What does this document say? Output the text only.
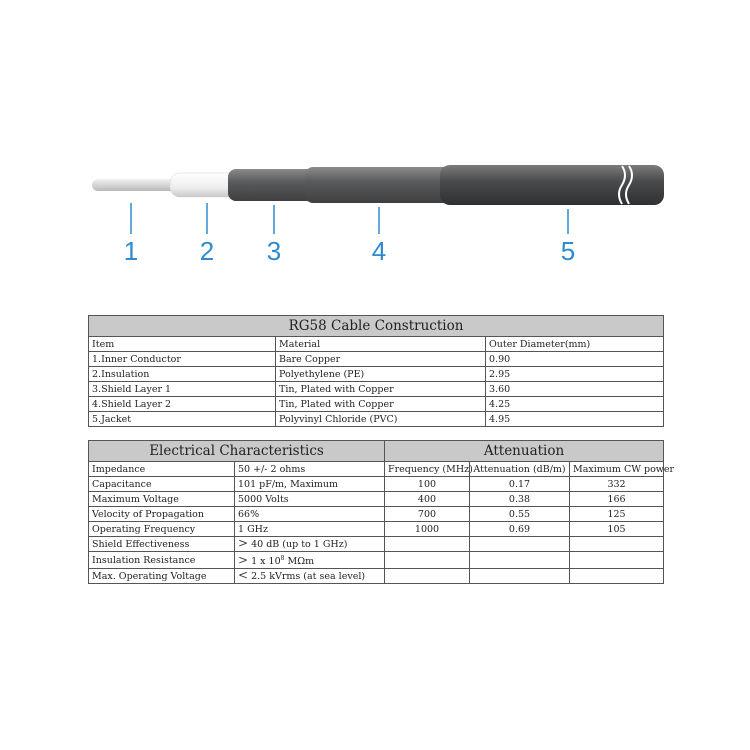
1 2 3	4	5
RG58 Cable Construction		
Item	Material	Outer Diameter(mm)
1.Inner Conductor	Bare Copper	0.90
2.Insulation	Polyethylene (PE)	2.95
3.Shield Layer 1	Tin, Plated with Copper	3.60
4.Shield Layer 2	Tin, Plated with Copper	4.25
5.Jacket	Polyvinyl Chloride (PVC)	4.95
Electrical Characteristics		Attenuation		

Impedance	50 +/- 2 ohms	Frequency (MHz)	Attenuation (dB/m)	Maximum CW power
Capacitance	101 pF/m, Maximum	100	0.17	332
Maximum Voltage	5000 Volts	400	0.38	166
Velocity of Propagation	66%	700	0.55	125
Operating Frequency	1 GHz	1000	0.69	105
Shield Effectiveness	> 40 dB (up to 1 GHz)			
Insulation Resistance	> 1 x $10^8$ MΩm			
Max. Operating Voltage	< 2.5 kVrms (at sea level)			
